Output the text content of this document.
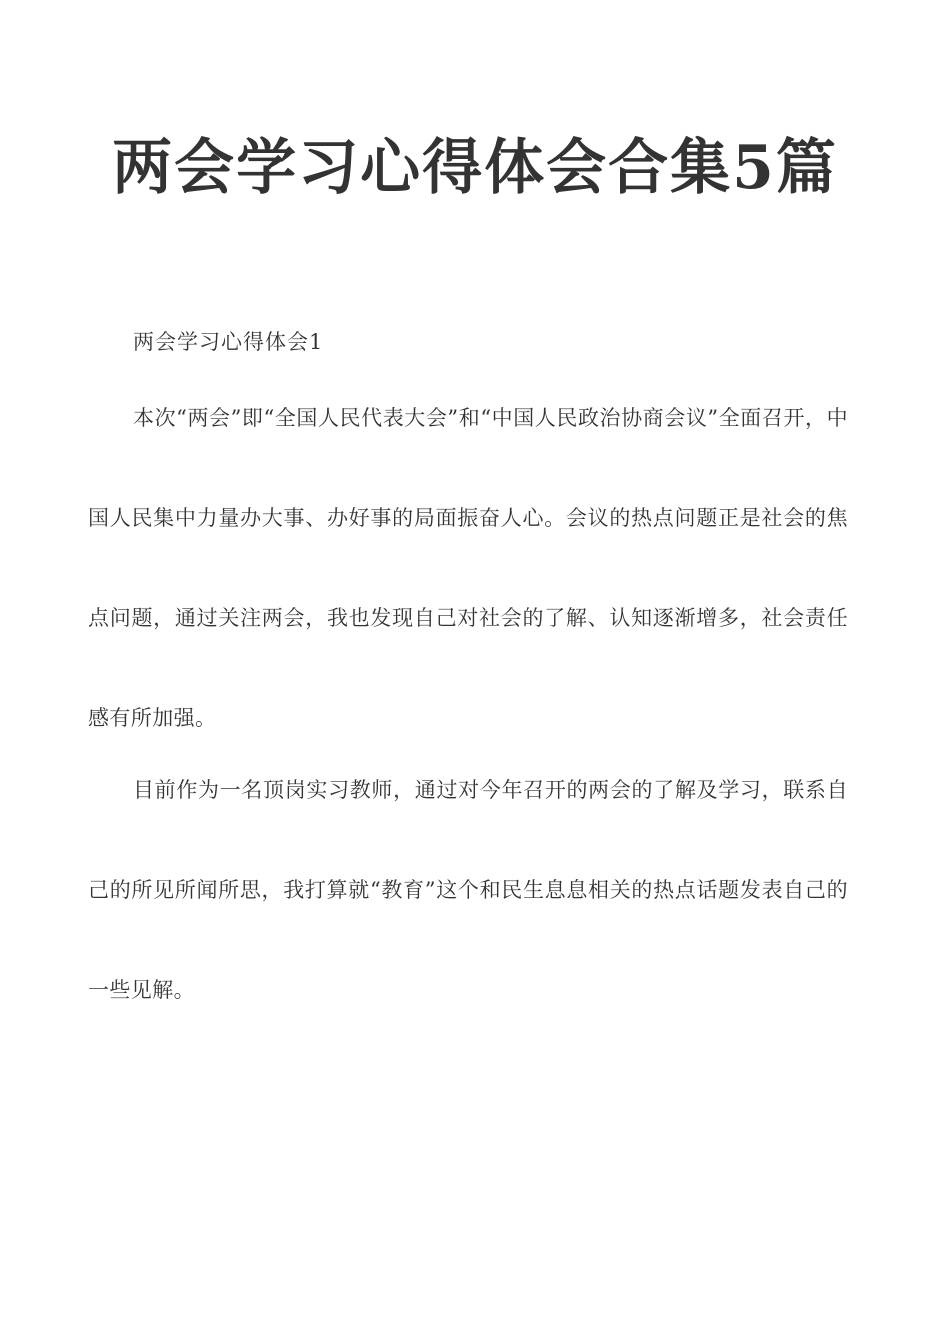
两会学习心得体会合集5篇

两会学习心得体会1

本次“两会”即“全国人民代表大会”和“中国人民政治协商会议”全面召开，中国人民集中力量办大事、办好事的局面振奋人心。会议的热点问题正是社会的焦点问题，通过关注两会，我也发现自己对社会的了解、认知逐渐增多，社会责任感有所加强。

目前作为一名顶岗实习教师，通过对今年召开的两会的了解及学习，联系自己的所见所闻所思，我打算就“教育”这个和民生息息相关的热点话题发表自己的一些见解。
